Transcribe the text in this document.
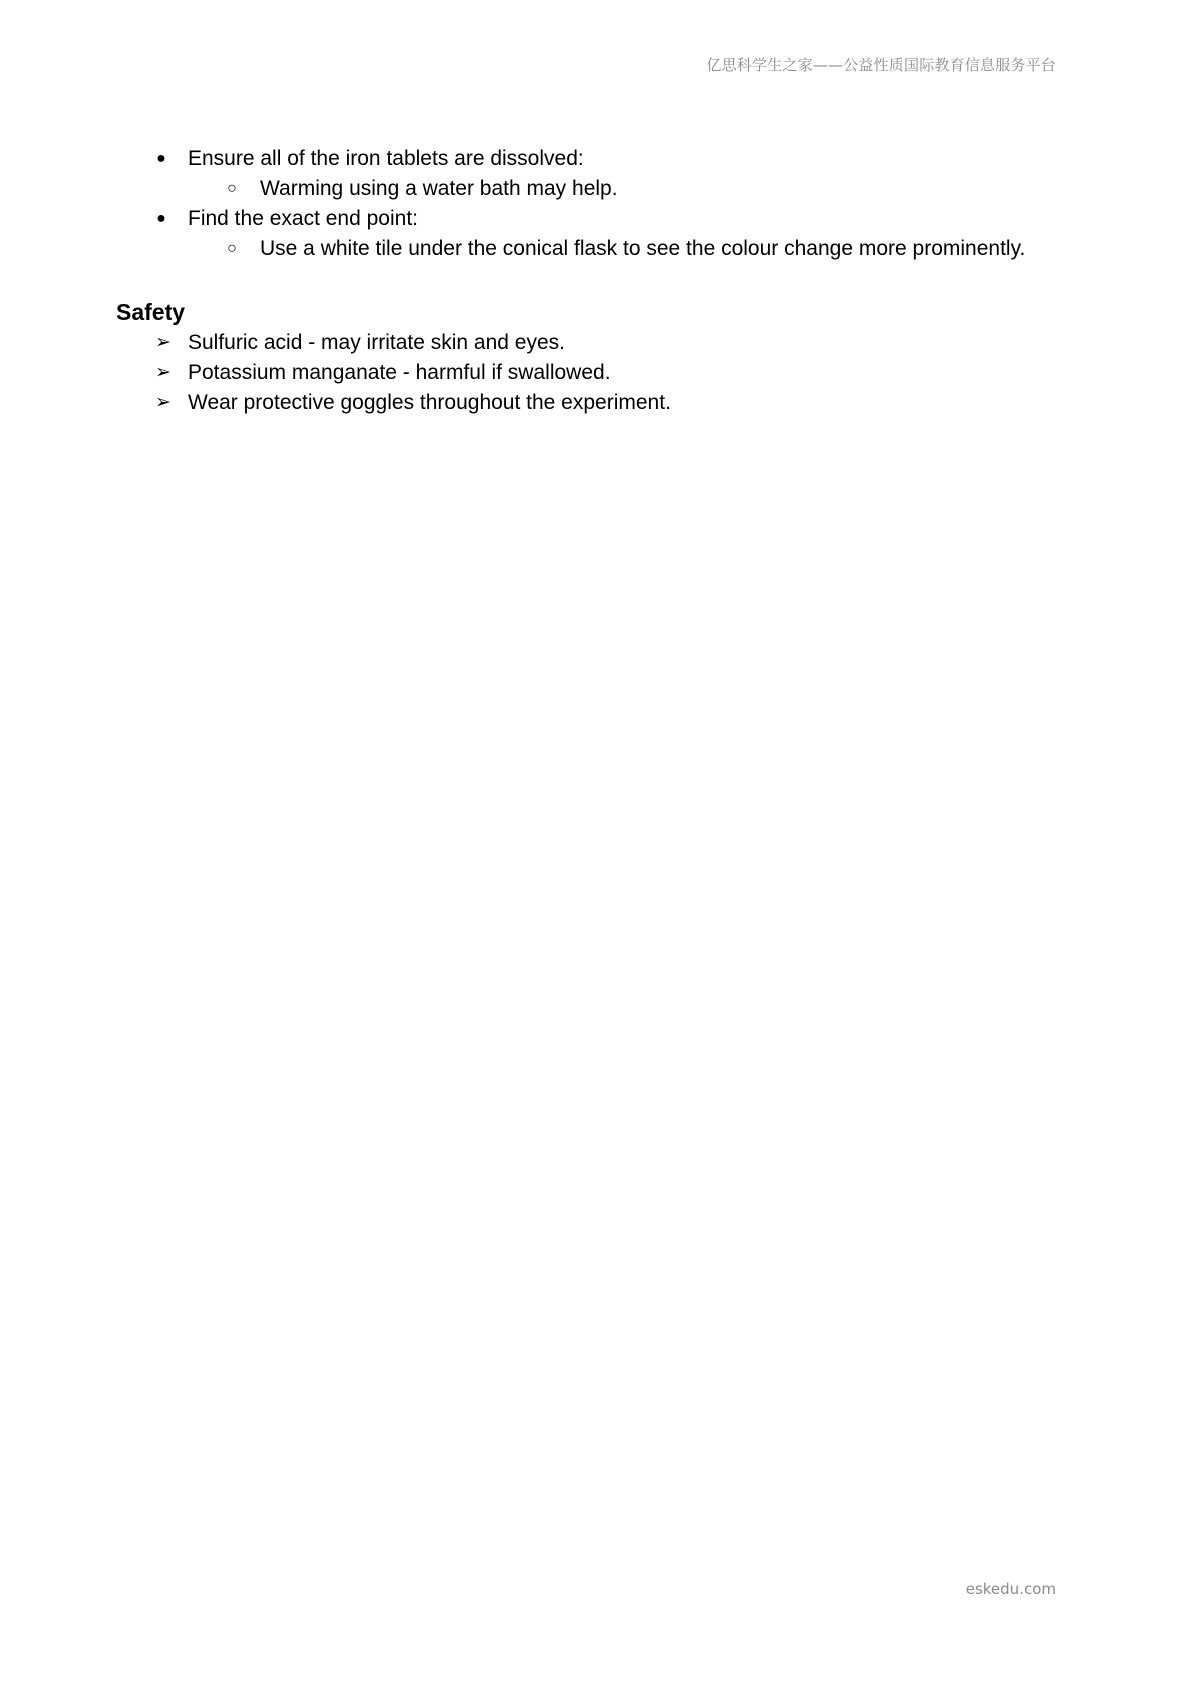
亿思科学生之家——公益性质国际教育信息服务平台
● Ensure all of the iron tablets are dissolved:
○ Warming using a water bath may help.
● Find the exact end point:
○ Use a white tile under the conical flask to see the colour change more prominently.
Safety
➢ Sulfuric acid - may irritate skin and eyes.
➢ Potassium manganate - harmful if swallowed.
➢ Wear protective goggles throughout the experiment.
eskedu.com
